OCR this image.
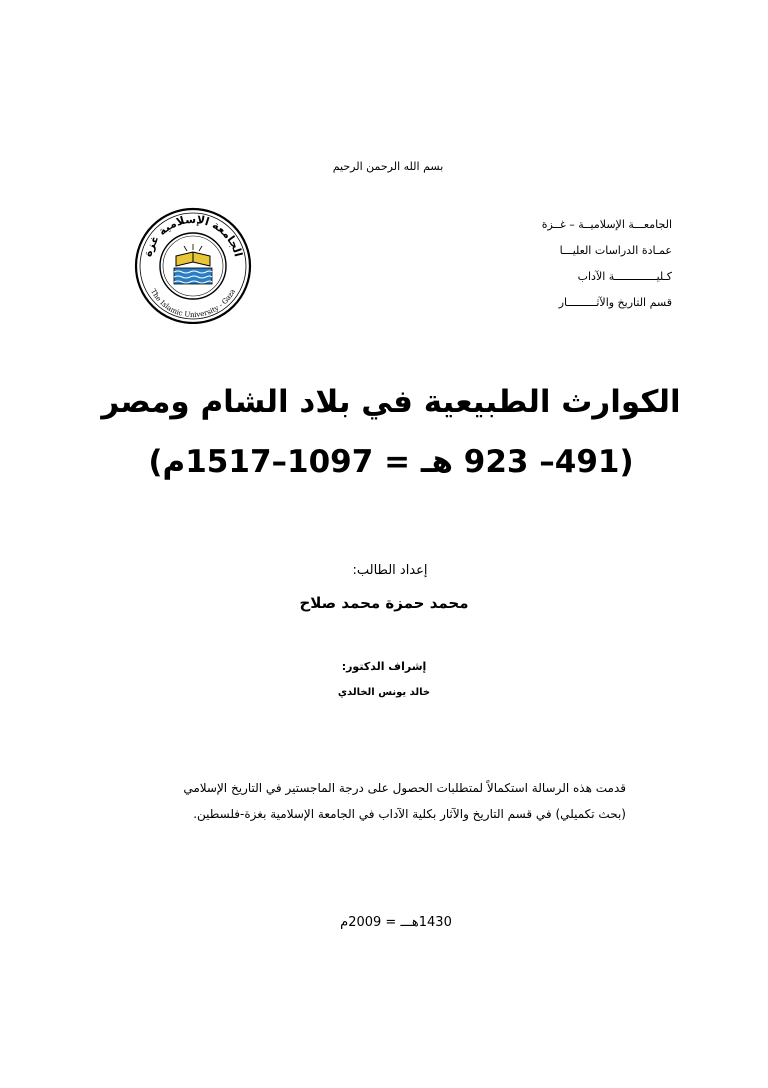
بسم الله الرحمن الرحيم
الجامعـــة الإسلاميــة – غــزة
عمـادة الدراسات العليـــا
كـليـــــــــــــة الآداب
قسم التاريخ والآثـــــــــار
الجامعة الإسلامية غزة
The Islamic University - Gaza
الكوارث الطبيعية في بلاد الشام ومصر
(491– 923 هـ = 1097–1517م)
إعداد الطالب:
محمد حمزة محمد صلاح
إشراف الدكتور:
خالد يونس الخالدي
قدمت هذه الرسالة استكمالاً لمتطلبات الحصول على درجة الماجستير في التاريخ الإسلامي
(بحث تكميلي) في قسم التاريخ والآثار بكلية الآداب في الجامعة الإسلامية بغزة-فلسطين.
1430هـــ = 2009م
